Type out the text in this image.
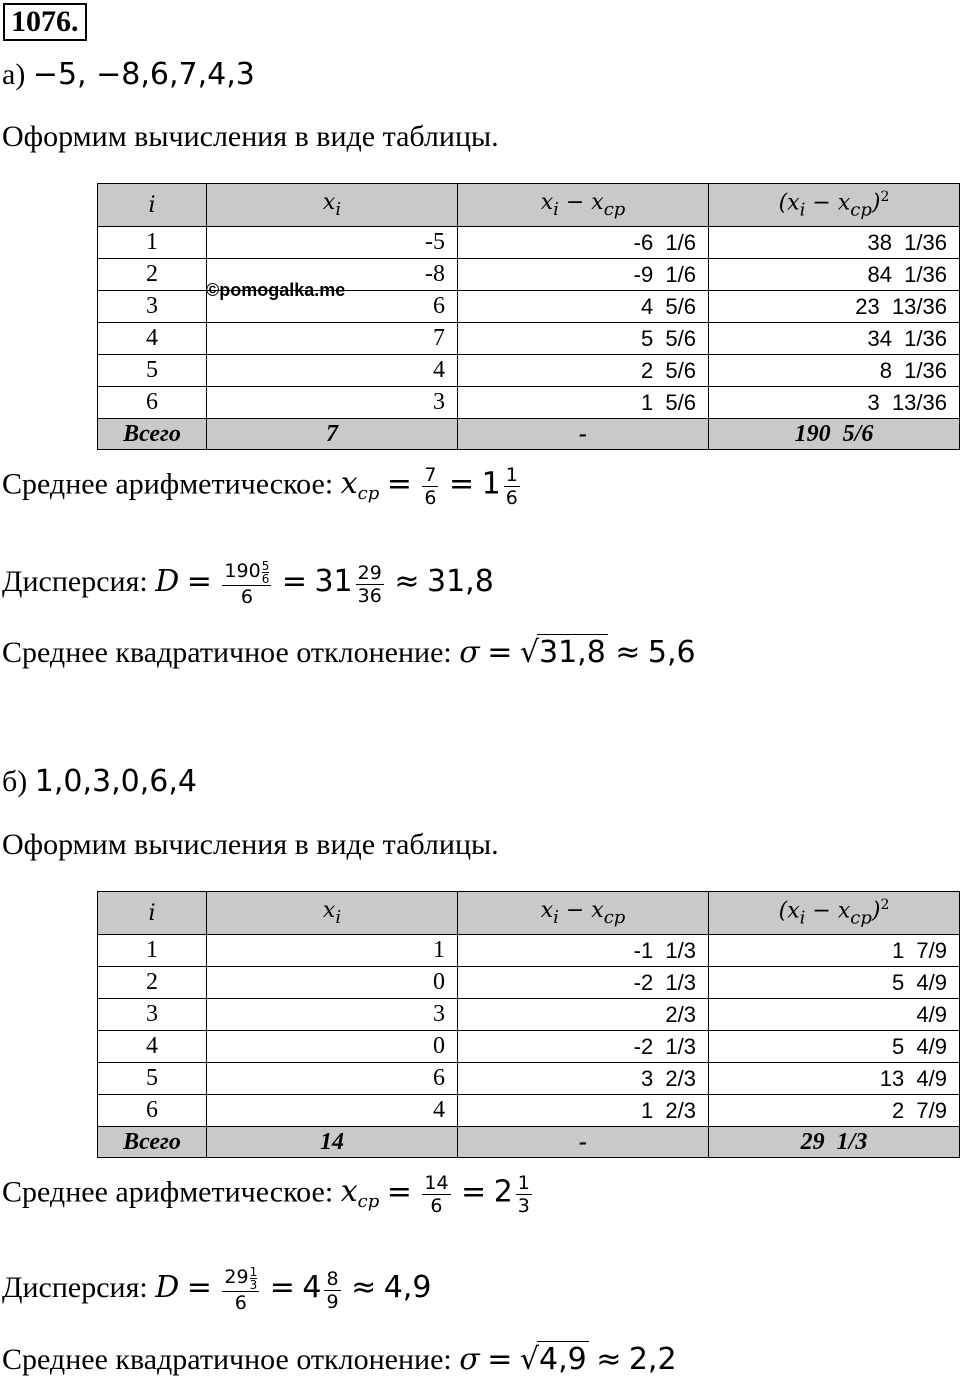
1076.
а) −5, −8,6,7,4,3
Оформим вычисления в виде таблицы.
i	$x_i$	$x_i - x_{cp}$	$(x_i - x_{cp})^2$
1	-5	-6  1/6	38  1/36
2	-8	-9  1/6	84  1/36
3	6	4  5/6	23  13/36
4	7	5  5/6	34  1/36
5	4	2  5/6	8  1/36
6	3	1  5/6	3  13/36
Всего	7	-	190  5/6
©pomogalka.me
Среднее арифметическое: $x_{cp} = \frac{7}{6} = 1 \frac{1}{6}$
Дисперсия: $D = \frac{190 \frac{5}{6}}{6} = 31 \frac{29}{36} \approx 31,8$
Среднее квадратичное отклонение: σ = √31,8 ≈ 5,6
б) 1,0,3,0,6,4
Оформим вычисления в виде таблицы.
i	$x_i$	$x_i - x_{cp}$	$(x_i - x_{cp})^2$
1	1	-1  1/3	1  7/9
2	0	-2  1/3	5  4/9
3	3	2/3	4/9
4	0	-2  1/3	5  4/9
5	6	3  2/3	13  4/9
6	4	1  2/3	2  7/9
Всего	14	-	29  1/3
Среднее арифметическое: $x_{cp} = \frac{14}{6} = 2 \frac{1}{3}$
Дисперсия: $D = \frac{29 \frac{1}{3}}{6} = 4 \frac{8}{9} \approx 4,9$
Среднее квадратичное отклонение: σ = √4,9 ≈ 2,2
